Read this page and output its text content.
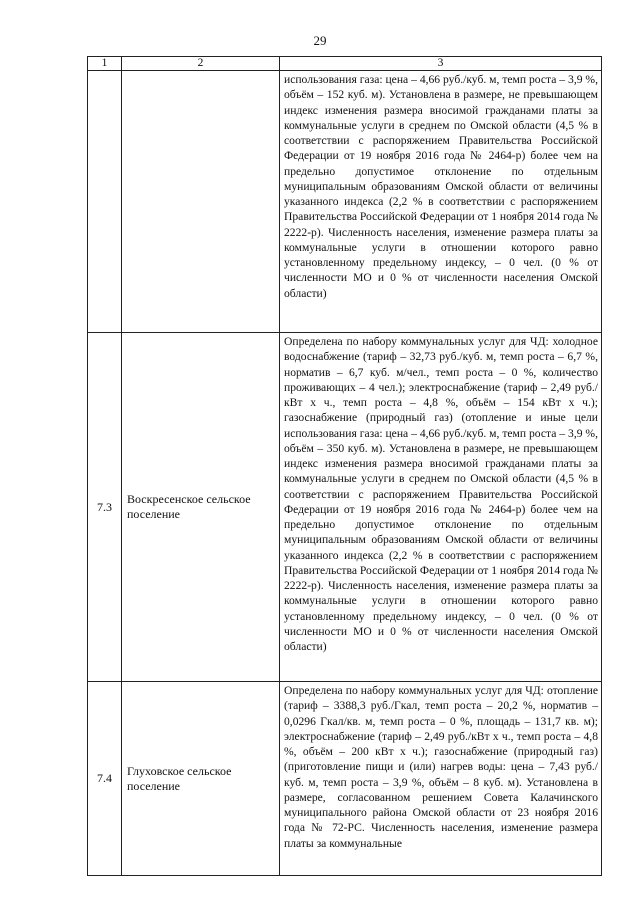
29
1	2	3
		использования газа: цена – 4,66 руб./куб. м, темп роста – 3,9 %, объём – 152 куб. м). Установлена в размере, не превышающем индекс изменения размера вносимой гражданами платы за коммунальные услуги в среднем по Омской области (4,5 % в соответствии с распоряжением Правительства Российской Федерации от 19 ноября 2016 года № 2464-р) более чем на предельно допустимое отклонение по отдельным муниципальным образованиям Омской области от величины указанного индекса (2,2 % в соответствии с распоряжением Правительства Российской Федерации от 1 ноября 2014 года № 2222-р). Численность населения, изменение размера платы за коммунальные услуги в отношении которого равно установленному предельному индексу, – 0 чел. (0 % от численности МО и 0 % от численности населения Омской области)
7.3	Воскресенское сельское поселение	Определена по набору коммунальных услуг для ЧД: холодное водоснабжение (тариф – 32,73 руб./куб. м, темп роста – 6,7 %, норматив – 6,7 куб. м/чел., темп роста – 0 %, количество проживающих – 4 чел.); электроснабжение (тариф – 2,49 руб./кВт х ч., темп роста – 4,8 %, объём – 154 кВт х ч.); газоснабжение (природный газ) (отопление и иные цели использования газа: цена – 4,66 руб./куб. м, темп роста – 3,9 %, объём – 350 куб. м). Установлена в размере, не превышающем индекс изменения размера вносимой гражданами платы за коммунальные услуги в среднем по Омской области (4,5 % в соответствии с распоряжением Правительства Российской Федерации от 19 ноября 2016 года № 2464-р) более чем на предельно допустимое отклонение по отдельным муниципальным образованиям Омской области от величины указанного индекса (2,2 % в соответствии с распоряжением Правительства Российской Федерации от 1 ноября 2014 года № 2222-р). Численность населения, изменение размера платы за коммунальные услуги в отношении которого равно установленному предельному индексу, – 0 чел. (0 % от численности МО и 0 % от численности населения Омской области)
7.4	Глуховское сельское поселение	Определена по набору коммунальных услуг для ЧД: отопление (тариф – 3388,3 руб./Гкал, темп роста – 20,2 %, норматив – 0,0296 Гкал/кв. м, темп роста – 0 %, площадь – 131,7 кв. м); электроснабжение (тариф – 2,49 руб./кВт х ч., темп роста – 4,8 %, объём – 200 кВт х ч.); газоснабжение (природный газ) (приготовление пищи и (или) нагрев воды: цена – 7,43 руб./куб. м, темп роста – 3,9 %, объём – 8 куб. м). Установлена в размере, согласованном решением Совета Калачинского муниципального района Омской области от 23 ноября 2016 года № 72-РС. Численность населения, изменение размера платы за коммунальные
